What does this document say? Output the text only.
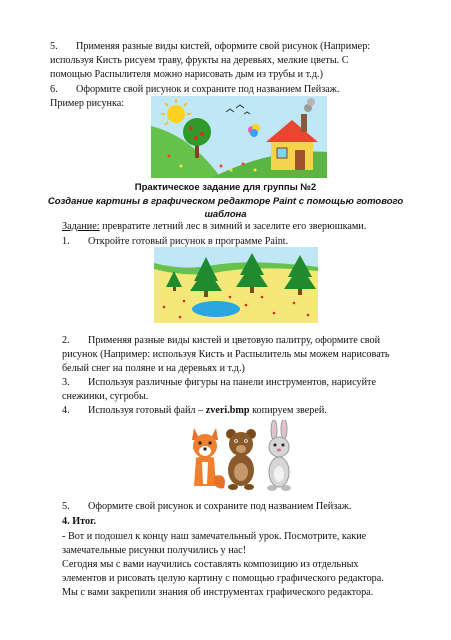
5. Применяя разные виды кистей, оформите свой рисунок (Например:
используя Кисть рисуем траву, фрукты на деревьях, мелкие цветы. С
помощью Распылителя можно нарисовать дым из трубы и т.д.)
6. Оформите свой рисунок и сохраните под названием Пейзаж.
Пример рисунка:
Практическое задание для группы №2
Создание картины в графическом редакторе Paint с помощью готового
шаблона
Задание: превратите летний лес в зимний и заселите его зверюшками.
1. Откройте готовый рисунок в программе Paint.
2. Применяя разные виды кистей и цветовую палитру, оформите свой
рисунок (Например: используя Кисть и Распылитель мы можем нарисовать
белый снег на поляне и на деревьях и т.д.)
3. Используя различные фигуры на панели инструментов, нарисуйте
снежинки, сугробы.
4. Используя готовый файл – zveri.bmp копируем зверей.
5. Оформите свой рисунок и сохраните под названием Пейзаж.
4. Итог.
- Вот и подошел к концу наш замечательный урок. Посмотрите, какие
замечательные рисунки получились у нас!
Сегодня мы с вами научились составлять композицию из отдельных
элементов и рисовать целую картину с помощью графического редактора.
Мы с вами закрепили знания об инструментах графического редактора.
